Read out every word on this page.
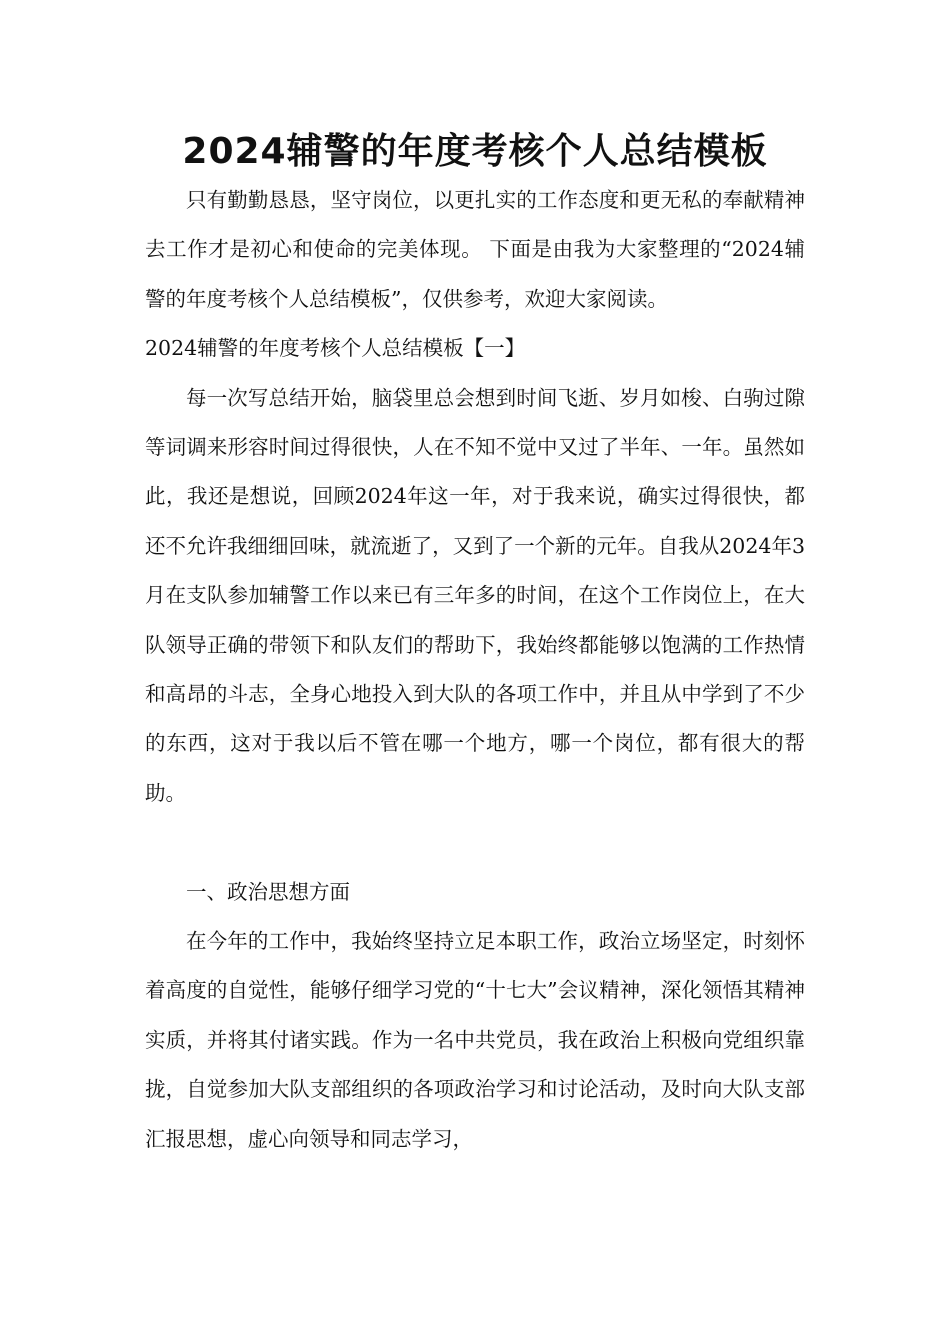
2024辅警的年度考核个人总结模板

只有勤勤恳恳，坚守岗位，以更扎实的工作态度和更无私的奉献精神去工作才是初心和使命的完美体现。 下面是由我为大家整理的“2024辅警的年度考核个人总结模板”，仅供参考，欢迎大家阅读。

2024辅警的年度考核个人总结模板【一】

每一次写总结开始，脑袋里总会想到时间飞逝、岁月如梭、白驹过隙等词调来形容时间过得很快，人在不知不觉中又过了半年、一年。虽然如此，我还是想说，回顾2024年这一年，对于我来说，确实过得很快，都还不允许我细细回味，就流逝了，又到了一个新的元年。自我从2024年3月在支队参加辅警工作以来已有三年多的时间，在这个工作岗位上，在大队领导正确的带领下和队友们的帮助下，我始终都能够以饱满的工作热情和高昂的斗志，全身心地投入到大队的各项工作中，并且从中学到了不少的东西，这对于我以后不管在哪一个地方，哪一个岗位，都有很大的帮助。

一、政治思想方面

在今年的工作中，我始终坚持立足本职工作，政治立场坚定，时刻怀着高度的自觉性，能够仔细学习党的“十七大”会议精神，深化领悟其精神实质，并将其付诸实践。作为一名中共党员，我在政治上积极向党组织靠拢，自觉参加大队支部组织的各项政治学习和讨论活动，及时向大队支部汇报思想，虚心向领导和同志学习，
